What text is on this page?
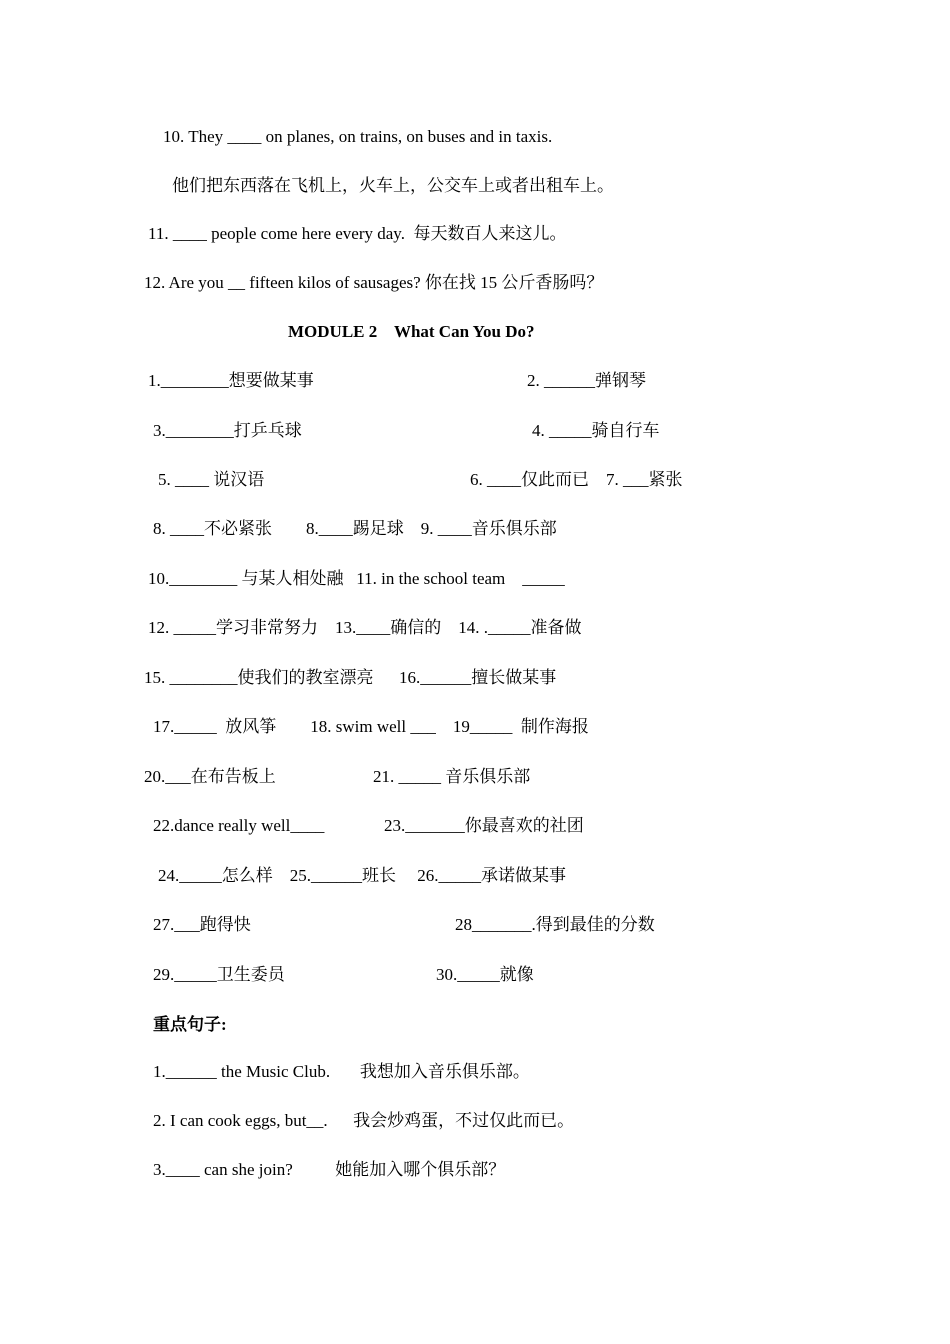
10. They ____ on planes, on trains, on buses and in taxis.
他们把东西落在飞机上，火车上，公交车上或者出租车上。
11. ____ people come here every day.  每天数百人来这儿。
12. Are you __ fifteen kilos of sausages? 你在找 15 公斤香肠吗？
MODULE 2    What Can You Do?
1.________想要做某事	2. ______弹钢琴
3.________打乒乓球	4. _____骑自行车
5. ____ 说汉语	6. ____仅此而已    7. ___紧张
8. ____不必紧张        8.____踢足球    9. ____音乐俱乐部
10.________ 与某人相处融   11. in the school team    _____
12. _____学习非常努力    13.____确信的    14. ._____准备做
15. ________使我们的教室漂亮      16.______擅长做某事
17._____  放风筝        18. swim well ___    19_____  制作海报
20.___在布告板上	21. _____ 音乐俱乐部
22.dance really well____	23._______你最喜欢的社团
24._____怎么样    25.______班长     26._____承诺做某事
27.___跑得快	28_______.得到最佳的分数
29._____卫生委员	30._____就像
重点句子:
1.______ the Music Club.       我想加入音乐俱乐部。
2. I can cook eggs, but__.      我会炒鸡蛋，不过仅此而已。
3.____ can she join?          她能加入哪个俱乐部？
